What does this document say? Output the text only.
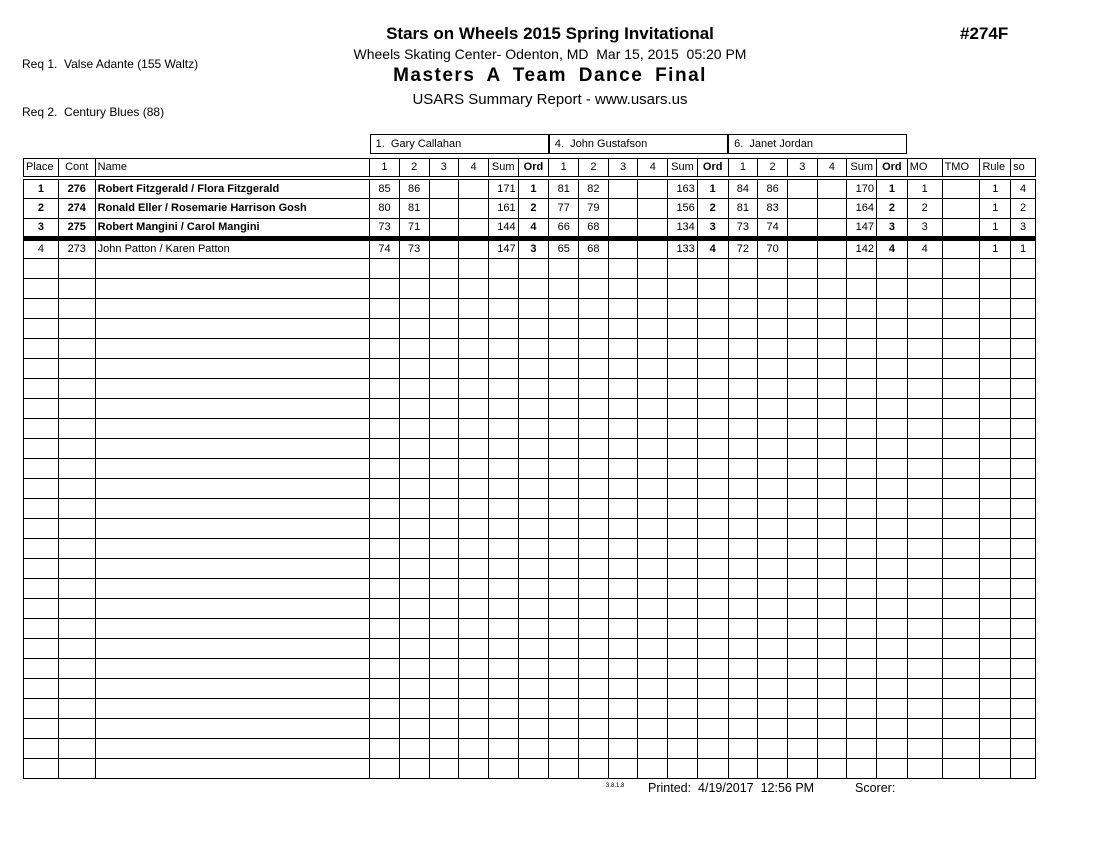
Req 1.  Valse Adante (155 Waltz)

Req 2.  Century Blues (88)

Stars on Wheels 2015 Spring Invitational

Wheels Skating Center- Odenton, MD  Mar 15, 2015  05:20 PM

Masters A Team Dance Final

USARS Summary Report - www.usars.us

#274F

			1.  Gary Callahan						4.  John Gustafson						6.  Janet Jordan									

Place	Cont	Name	1	2	3	4	Sum	Ord	1	2	3	4	Sum	Ord	1	2	3	4	Sum	Ord	MO	TMO	Rule	so
1	276	Robert Fitzgerald / Flora Fitzgerald	85	86			171	1	81	82			163	1	84	86			170	1	1		1	4
2	274	Ronald Eller / Rosemarie Harrison Gosh	80	81			161	2	77	79			156	2	81	83			164	2	2		1	2
3	275	Robert Mangini / Carol Mangini	73	71			144	4	66	68			134	3	73	74			147	3	3		1	3
4	273	John Patton / Karen Patton	74	73			147	3	65	68			133	4	72	70			142	4	4		1	1

3.8.1.8 Printed:  4/19/2017  12:56 PM	Scorer:
